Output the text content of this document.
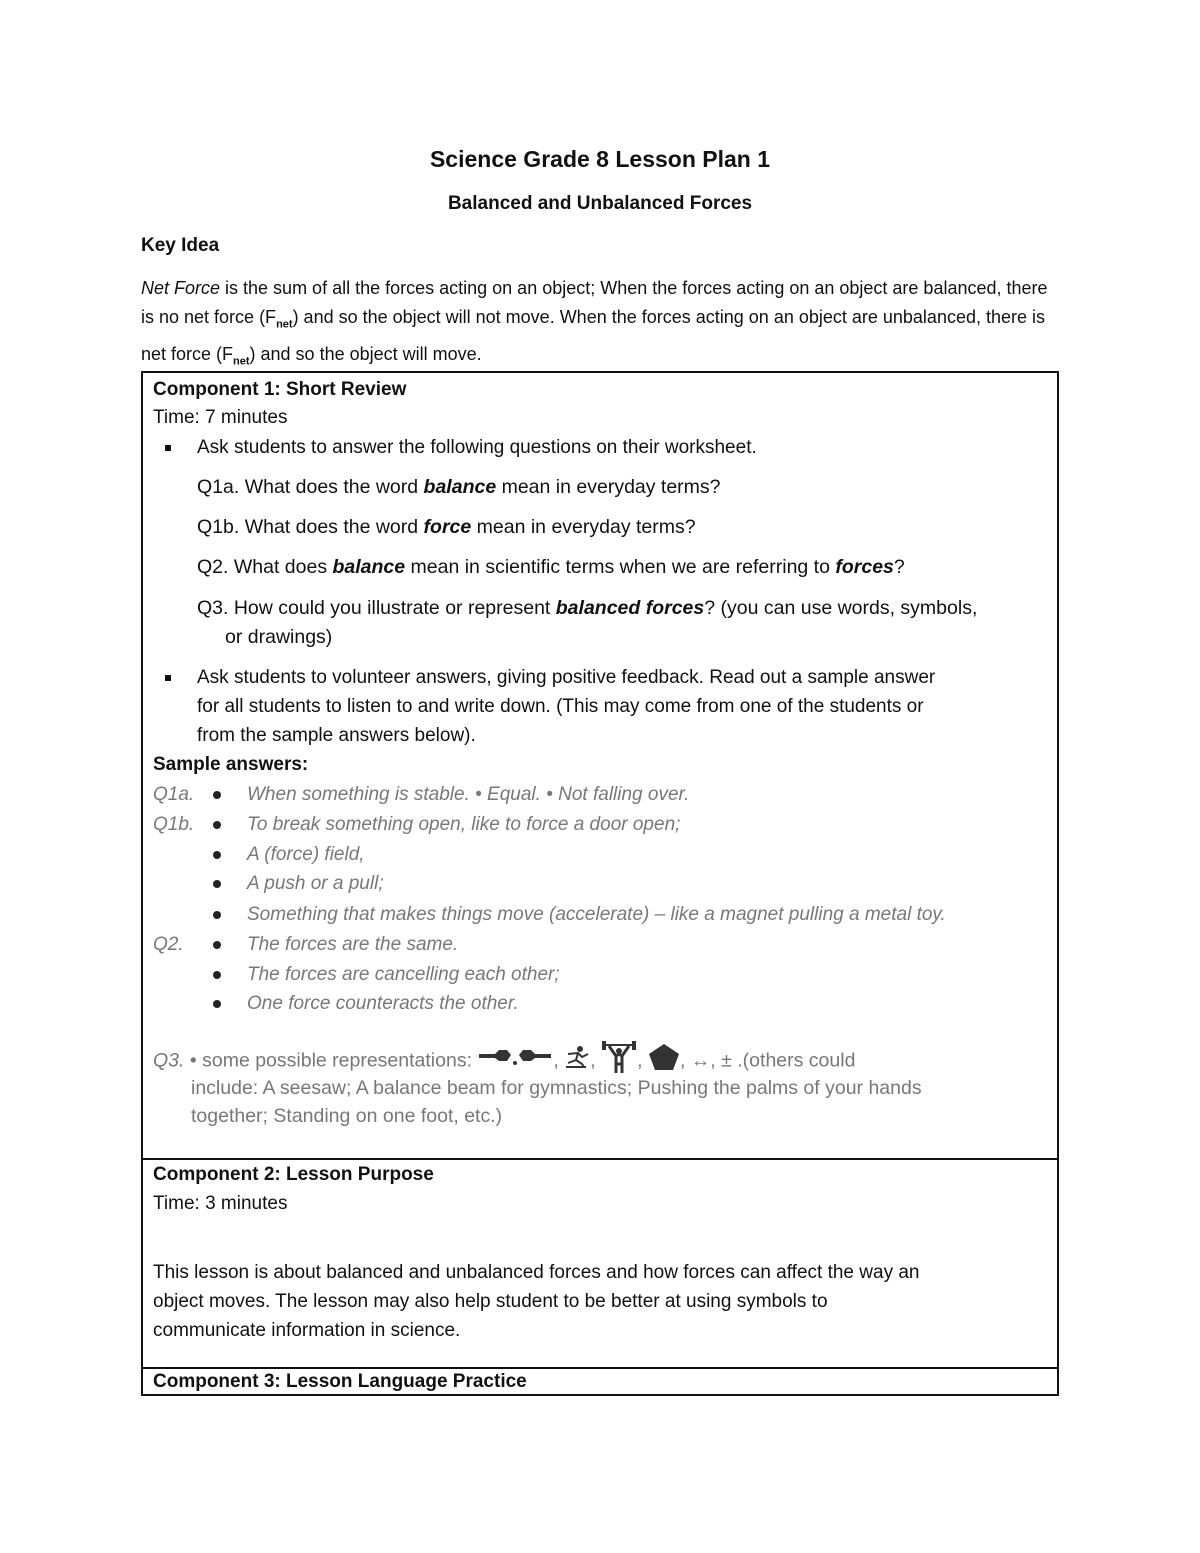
Science Grade 8 Lesson Plan 1
Balanced and Unbalanced Forces
Key Idea
Net Force is the sum of all the forces acting on an object; When the forces acting on an object are balanced, there is no net force $(F_{net})$ and so the object will not move. When the forces acting on an object are unbalanced, there is net force $(F_{net})$ and so the object will move.
Component 1: Short Review
Time: 7 minutes
Ask students to answer the following questions on their worksheet.
Q1a. What does the word balance mean in everyday terms?
Q1b. What does the word force mean in everyday terms?
Q2. What does balance mean in scientific terms when we are referring to forces?
Q3. How could you illustrate or represent balanced forces? (you can use words, symbols,
or drawings)
Ask students to volunteer answers, giving positive feedback. Read out a sample answer
for all students to listen to and write down. (This may come from one of the students or
from the sample answers below).
Sample answers:
Q1a.	When something is stable. • Equal. • Not falling over.
Q1b.	To break something open, like to force a door open;
A (force) field,
A push or a pull;
Something that makes things move (accelerate) – like a magnet pulling a metal toy.
Q2.	The forces are the same.
The forces are cancelling each other;
One force counteracts the other.
Q3. • some possible representations:	, , , , ↔, ± .(others could
include: A seesaw; A balance beam for gymnastics; Pushing the palms of your hands
together; Standing on one foot, etc.)
Component 2: Lesson Purpose
Time: 3 minutes
This lesson is about balanced and unbalanced forces and how forces can affect the way an
object moves. The lesson may also help student to be better at using symbols to
communicate information in science.
Component 3: Lesson Language Practice
